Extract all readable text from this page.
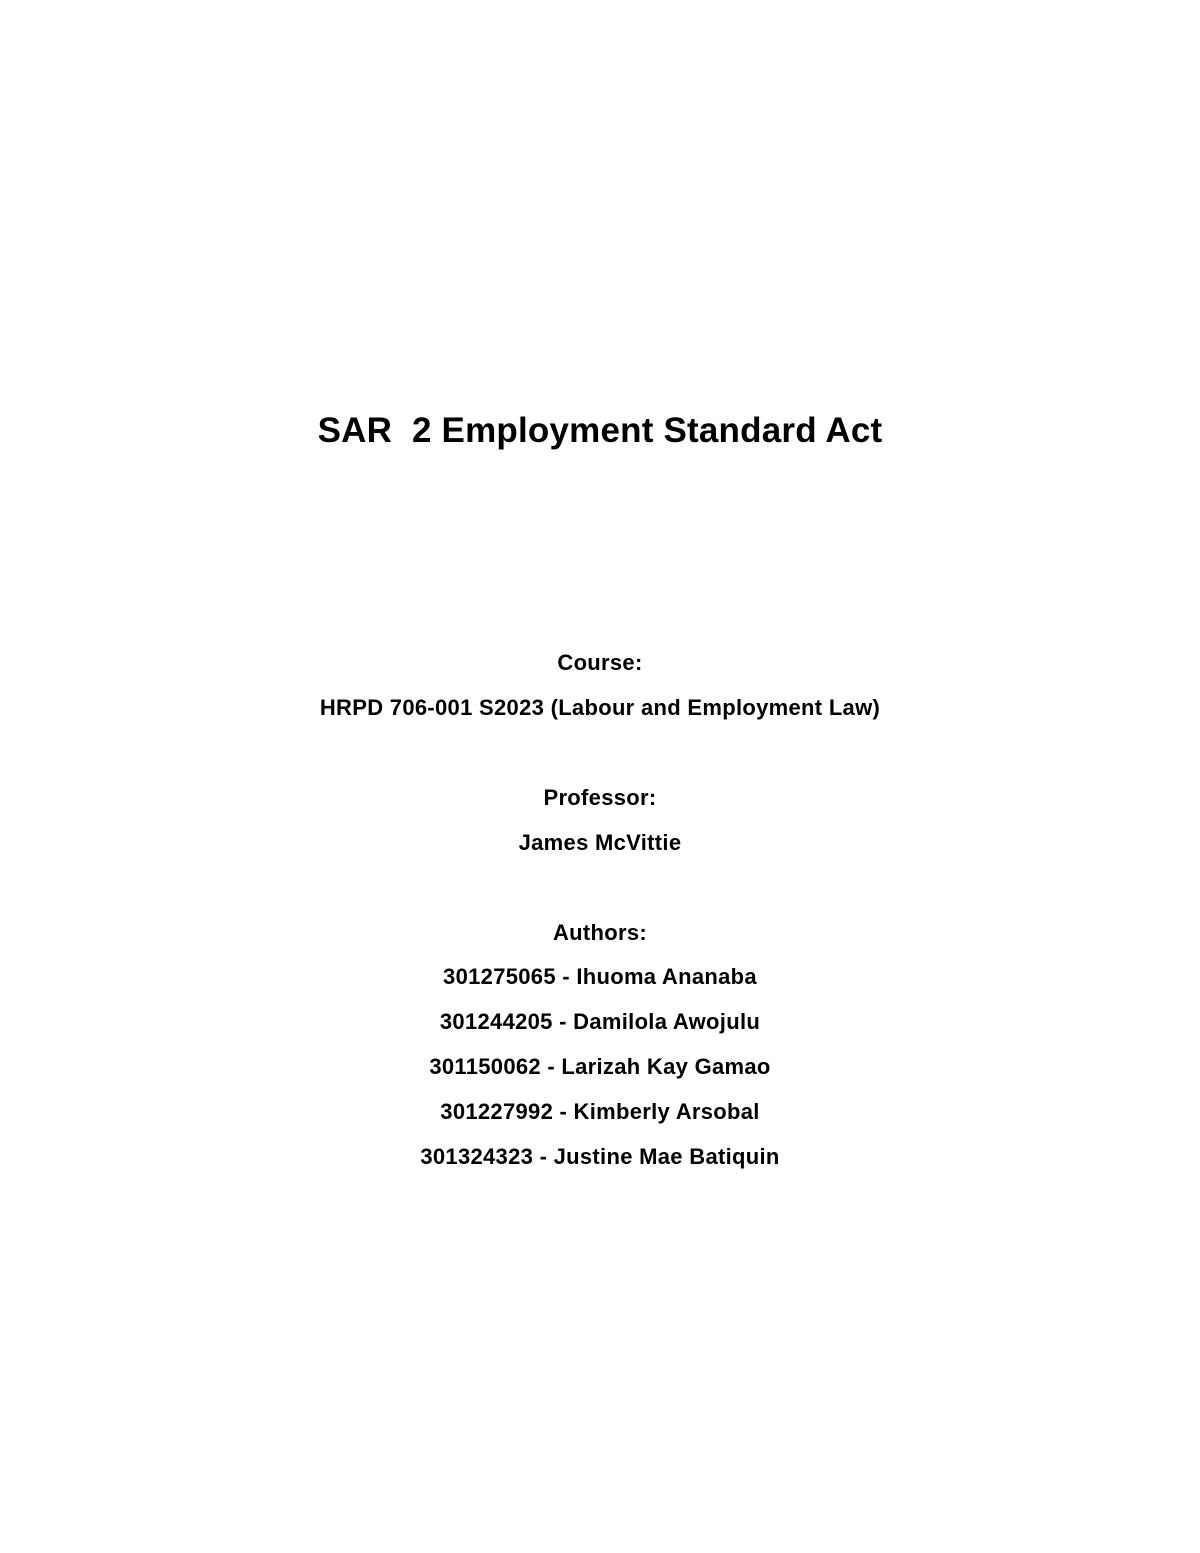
SAR  2 Employment Standard Act
Course:
HRPD 706-001 S2023 (Labour and Employment Law)
Professor:
James McVittie
Authors:
301275065 - Ihuoma Ananaba
301244205 - Damilola Awojulu
301150062 - Larizah Kay Gamao
301227992 - Kimberly Arsobal
301324323 - Justine Mae Batiquin
